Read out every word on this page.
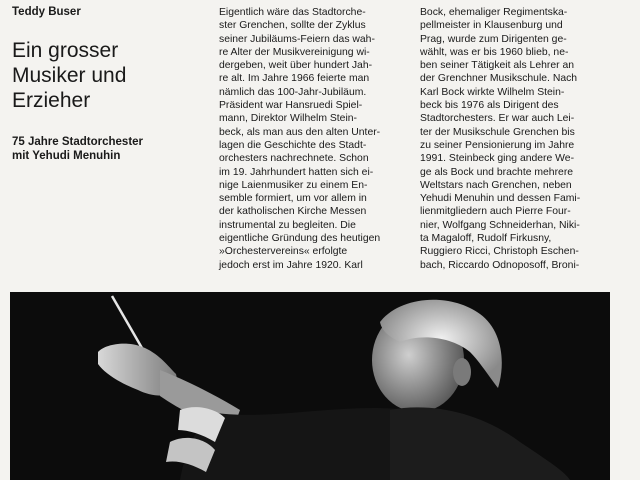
Teddy Buser
Ein grosser
Musiker und
Erzieher
75 Jahre Stadtorchester
mit Yehudi Menuhin

Eigentlich wäre das Stadtorche-

ster Grenchen, sollte der Zyklus

seiner Jubiläums-Feiern das wah-

re Alter der Musikvereinigung wi-

dergeben, weit über hundert Jah-

re alt. Im Jahre 1966 feierte man

nämlich das 100-Jahr-Jubiläum.

Präsident war Hansruedi Spiel-

mann, Direktor Wilhelm Stein-

beck, als man aus den alten Unter-

lagen die Geschichte des Stadt-

orchesters nachrechnete. Schon

im 19. Jahrhundert hatten sich ei-

nige Laienmusiker zu einem En-

semble formiert, um vor allem in

der katholischen Kirche Messen

instrumental zu begleiten. Die

eigentliche Gründung des heutigen

»Orchestervereins« erfolgte

jedoch erst im Jahre 1920. Karl

Bock, ehemaliger Regimentska-

pellmeister in Klausenburg und

Prag, wurde zum Dirigenten ge-

wählt, was er bis 1960 blieb, ne-

ben seiner Tätigkeit als Lehrer an

der Grenchner Musikschule. Nach

Karl Bock wirkte Wilhelm Stein-

beck bis 1976 als Dirigent des

Stadtorchesters. Er war auch Lei-

ter der Musikschule Grenchen bis

zu seiner Pensionierung im Jahre

1991. Steinbeck ging andere We-

ge als Bock und brachte mehrere

Weltstars nach Grenchen, neben

Yehudi Menuhin und dessen Fami-

lienmitgliedern auch Pierre Four-

nier, Wolfgang Schneiderhan, Niki-

ta Magaloff, Rudolf Firkusny,

Ruggiero Ricci, Christoph Eschen-

bach, Riccardo Odnoposoff, Broni-
